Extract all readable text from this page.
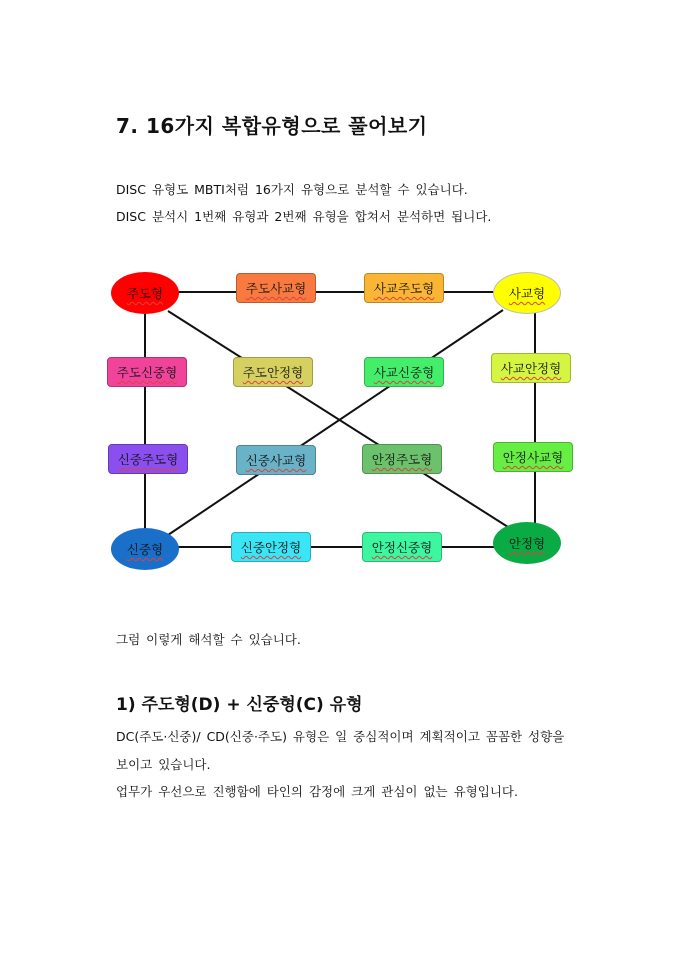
7. 16가지 복합유형으로 풀어보기
DISC 유형도 MBTI처럼 16가지 유형으로 분석할 수 있습니다.
DISC 분석시 1번째 유형과 2번째 유형을 합쳐서 분석하면 됩니다.
주도형	주도사교형	사교주도형	사교형
주도신중형	주도안정형	사교신중형	사교안정형
신중주도형	신중사교형	안정주도형	안정사교형
신중형	신중안정형	안정신중형	안정형
그럼 이렇게 해석할 수 있습니다.
1) 주도형(D) + 신중형(C) 유형
DC(주도·신중)/ CD(신중·주도) 유형은 일 중심적이며 계획적이고 꼼꼼한 성향을
보이고 있습니다.
업무가 우선으로 진행함에 타인의 감정에 크게 관심이 없는 유형입니다.
